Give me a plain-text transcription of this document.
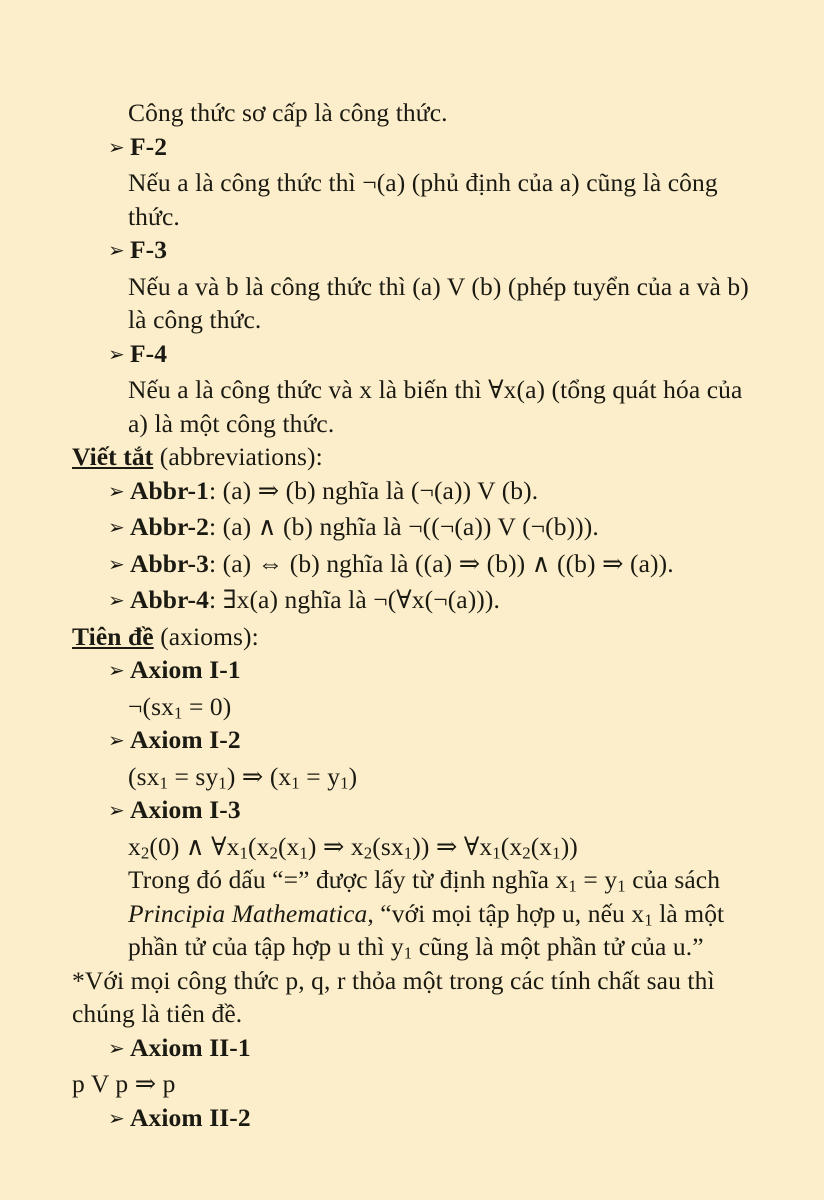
Công thức sơ cấp là công thức.
➢ F-2
Nếu a là công thức thì ¬(a) (phủ định của a) cũng là công
thức.
➢ F-3
Nếu a và b là công thức thì (a) V (b) (phép tuyển của a và b)
là công thức.
➢ F-4
Nếu a là công thức và x là biến thì ∀x(a) (tổng quát hóa của
a) là một công thức.
Viết tắt (abbreviations):
➢ Abbr-1: (a) ⇒ (b) nghĩa là (¬(a)) V (b).
➢ Abbr-2: (a) ∧ (b) nghĩa là ¬((¬(a)) V (¬(b))).
➢ Abbr-3: (a) ⇔ (b) nghĩa là ((a) ⇒ (b)) ∧ ((b) ⇒ (a)).
➢ Abbr-4: ∃x(a) nghĩa là ¬(∀x(¬(a))).
Tiên đề (axioms):
➢ Axiom I-1
$\neg(sx_1 = 0)$
➢ Axiom I-2
$(sx_1 = sy_1)$ ⇒ $(x_1 = y_1)$
➢ Axiom I-3
$x_2(0)$ ∧ $\forall x_1(x_2(x_1)$ ⇒ $x_2(sx_1)$) ⇒ $\forall x_1(x_2(x_1))$
Trong đó dấu “=” được lấy từ định nghĩa $x_1 = y_1$ của sách
Principia Mathematica, “với mọi tập hợp u, nếu $x_1$ là một
phần tử của tập hợp u thì $y_1$ cũng là một phần tử của u.”
*Với mọi công thức p, q, r thỏa một trong các tính chất sau thì
chúng là tiên đề.
➢ Axiom II-1
p V p ⇒ p
➢ Axiom II-2
